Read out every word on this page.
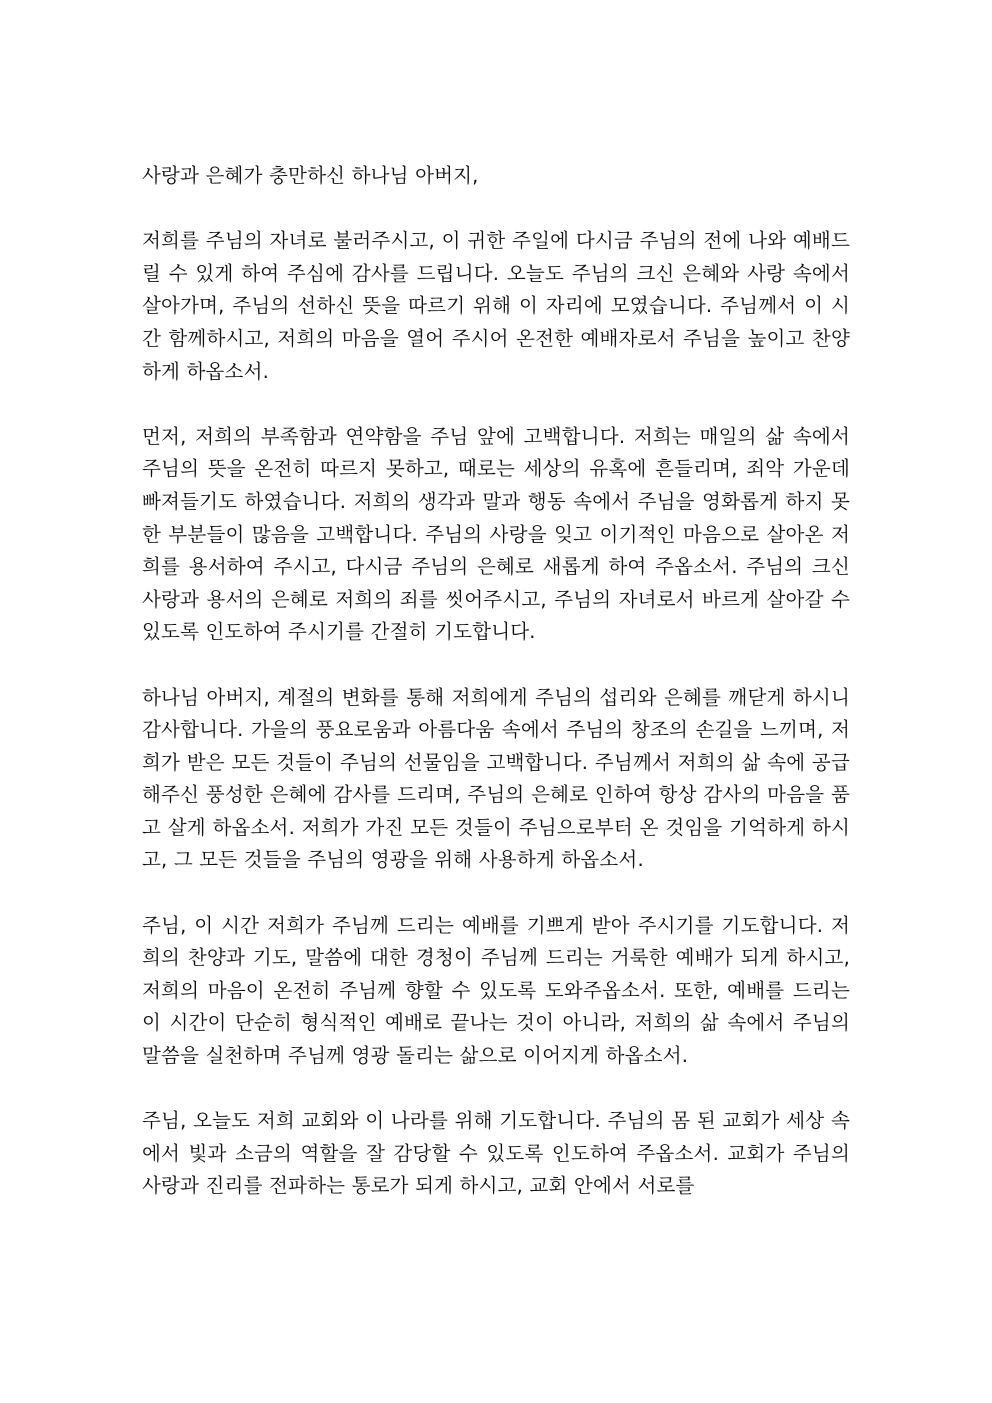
사랑과 은혜가 충만하신 하나님 아버지,

저희를 주님의 자녀로 불러주시고, 이 귀한 주일에 다시금 주님의 전에 나와 예배드릴 수 있게 하여 주심에 감사를 드립니다. 오늘도 주님의 크신 은혜와 사랑 속에서 살아가며, 주님의 선하신 뜻을 따르기 위해 이 자리에 모였습니다. 주님께서 이 시간 함께하시고, 저희의 마음을 열어 주시어 온전한 예배자로서 주님을 높이고 찬양하게 하옵소서.

먼저, 저희의 부족함과 연약함을 주님 앞에 고백합니다. 저희는 매일의 삶 속에서 주님의 뜻을 온전히 따르지 못하고, 때로는 세상의 유혹에 흔들리며, 죄악 가운데 빠져들기도 하였습니다. 저희의 생각과 말과 행동 속에서 주님을 영화롭게 하지 못한 부분들이 많음을 고백합니다. 주님의 사랑을 잊고 이기적인 마음으로 살아온 저희를 용서하여 주시고, 다시금 주님의 은혜로 새롭게 하여 주옵소서. 주님의 크신 사랑과 용서의 은혜로 저희의 죄를 씻어주시고, 주님의 자녀로서 바르게 살아갈 수 있도록 인도하여 주시기를 간절히 기도합니다.

하나님 아버지, 계절의 변화를 통해 저희에게 주님의 섭리와 은혜를 깨닫게 하시니 감사합니다. 가을의 풍요로움과 아름다움 속에서 주님의 창조의 손길을 느끼며, 저희가 받은 모든 것들이 주님의 선물임을 고백합니다. 주님께서 저희의 삶 속에 공급해주신 풍성한 은혜에 감사를 드리며, 주님의 은혜로 인하여 항상 감사의 마음을 품고 살게 하옵소서. 저희가 가진 모든 것들이 주님으로부터 온 것임을 기억하게 하시고, 그 모든 것들을 주님의 영광을 위해 사용하게 하옵소서.

주님, 이 시간 저희가 주님께 드리는 예배를 기쁘게 받아 주시기를 기도합니다. 저희의 찬양과 기도, 말씀에 대한 경청이 주님께 드리는 거룩한 예배가 되게 하시고, 저희의 마음이 온전히 주님께 향할 수 있도록 도와주옵소서. 또한, 예배를 드리는 이 시간이 단순히 형식적인 예배로 끝나는 것이 아니라, 저희의 삶 속에서 주님의 말씀을 실천하며 주님께 영광 돌리는 삶으로 이어지게 하옵소서.

주님, 오늘도 저희 교회와 이 나라를 위해 기도합니다. 주님의 몸 된 교회가 세상 속에서 빛과 소금의 역할을 잘 감당할 수 있도록 인도하여 주옵소서. 교회가 주님의 사랑과 진리를 전파하는 통로가 되게 하시고, 교회 안에서 서로를
